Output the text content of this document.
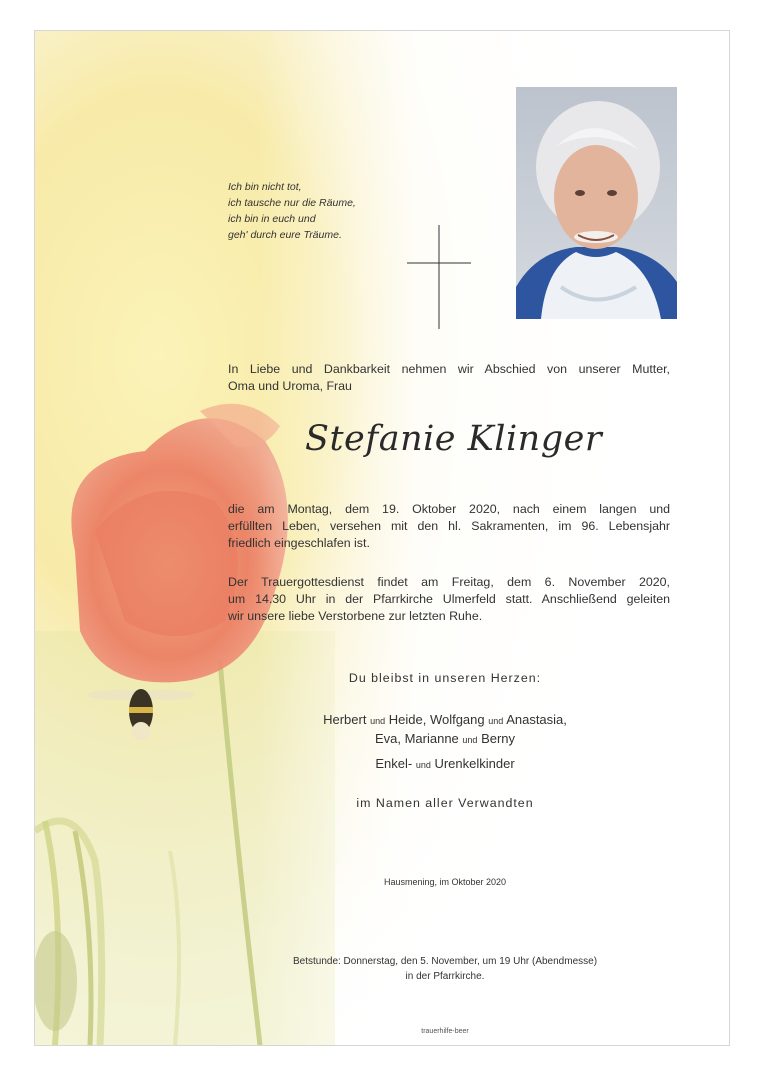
Ich bin nicht tot,
ich tausche nur die Räume,
ich bin in euch und
geh' durch eure Träume.
In Liebe und Dankbarkeit nehmen wir Abschied von unserer Mutter,
Oma und Uroma, Frau
Stefanie Klinger
die am Montag, dem 19. Oktober 2020, nach einem langen und
erfüllten Leben, versehen mit den hl. Sakramenten, im 96. Lebensjahr
friedlich eingeschlafen ist.
Der Trauergottesdienst findet am Freitag, dem 6. November 2020,
um 14.30 Uhr in der Pfarrkirche Ulmerfeld statt. Anschließend geleiten
wir unsere liebe Verstorbene zur letzten Ruhe.
Du bleibst in unseren Herzen:
Herbert und Heide, Wolfgang und Anastasia,
Eva, Marianne und Berny
Enkel- und Urenkelkinder
im Namen aller Verwandten
Hausmening, im Oktober 2020
Betstunde: Donnerstag, den 5. November, um 19 Uhr (Abendmesse)
in der Pfarrkirche.
trauerhilfe-beer
